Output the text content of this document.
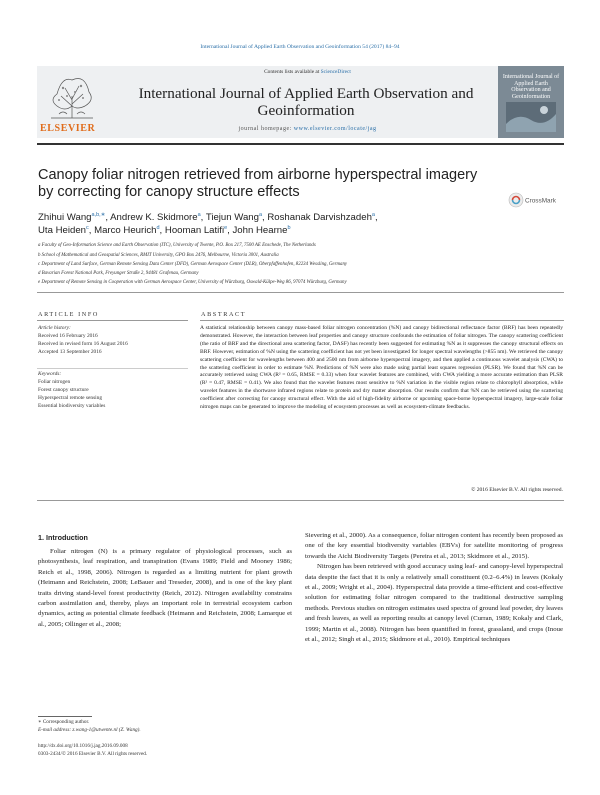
International Journal of Applied Earth Observation and Geoinformation 54 (2017) 84–94
ELSEVIER
Contents lists available at ScienceDirect
International Journal of Applied Earth Observation and
Geoinformation
journal homepage: www.elsevier.com/locate/jag
International Journal of Applied Earth Observation and Geoinformation
Canopy foliar nitrogen retrieved from airborne hyperspectral imagery
by correcting for canopy structure effects
CrossMark
Zhihui Wang$^{a,b,∗}$, Andrew K. Skidmore$^a$, Tiejun Wang$^a$, Roshanak Darvishzadeh$^a$,
Uta Heiden$^c$, Marco Heurich$^d$, Hooman Latifi$^e$, John Hearne$^b$
a Faculty of Geo-Information Science and Earth Observation (ITC), University of Twente, P.O. Box 217, 7500 AE Enschede, The Netherlands
b School of Mathematical and Geospatial Sciences, RMIT University, GPO Box 2476, Melbourne, Victoria 3001, Australia
c Department of Land Surface, German Remote Sensing Data Center (DFD), German Aerospace Center (DLR), Oberpfaffenhofen, 82234 Wessling, Germany
d Bavarian Forest National Park, Freyunger Straße 2, 94481 Grafenau, Germany
e Department of Remote Sensing in Cooperation with German Aerospace Center, University of Würzburg, Oswald-Külpe-Weg 86, 97074 Würzburg, Germany
ARTICLE INFO	ABSTRACT
Article history:
Received 16 February 2016
Received in revised form 16 August 2016
Accepted 13 September 2016
Keywords:
Foliar nitrogen
Forest canopy structure
Hyperspectral remote sensing
Essential biodiversity variables
A statistical relationship between canopy mass-based foliar nitrogen concentration (%N) and canopy bidirectional reflectance factor (BRF) has been repeatedly demonstrated. However, the interaction between leaf properties and canopy structure confounds the estimation of foliar nitrogen. The canopy scattering coefficient (the ratio of BRF and the directional area scattering factor, DASF) has recently been suggested for estimating %N as it suppresses the canopy structural effects on BRF. However, estimation of %N using the scattering coefficient has not yet been investigated for longer spectral wavelengths (>855 nm). We retrieved the canopy scattering coefficient for wavelengths between 400 and 2500 nm from airborne hyperspectral imagery, and then applied a continuous wavelet analysis (CWA) to the scattering coefficient in order to estimate %N. Predictions of %N were also made using partial least squares regression (PLSR). We found that %N can be accurately retrieved using CWA (R² = 0.65, RMSE = 0.33) when four wavelet features are combined, with CWA yielding a more accurate estimation than PLSR (R² = 0.47, RMSE = 0.41). We also found that the wavelet features most sensitive to %N variation in the visible region relate to chlorophyll absorption, while wavelet features in the shortwave infrared regions relate to protein and dry matter absorption. Our results confirm that %N can be retrieved using the scattering coefficient after correcting for canopy structural effect. With the aid of high-fidelity airborne or upcoming space-borne hyperspectral imagery, large-scale foliar nitrogen maps can be generated to improve the modeling of ecosystem processes as well as ecosystem-climate feedbacks.
© 2016 Elsevier B.V. All rights reserved.
1. Introduction
Foliar nitrogen (N) is a primary regulator of physiological processes, such as photosynthesis, leaf respiration, and transpiration (Evans 1989; Field and Mooney 1986; Reich et al., 1998, 2006). Nitrogen is regarded as a limiting nutrient for plant growth (Heimann and Reichstein, 2008; LeBauer and Treseder, 2008), and is one of the key plant traits driving stand-level forest productivity (Reich, 2012). Nitrogen availability constrains carbon assimilation and, thereby, plays an important role in terrestrial ecosystem carbon dynamics, acting as potential climate feedback (Heimann and Reichstein, 2008; Lamarque et al., 2005; Ollinger et al., 2008;

Sievering et al., 2000). As a consequence, foliar nitrogen content has recently been proposed as one of the key essential biodiversity variables (EBVs) for satellite monitoring of progress towards the Aichi Biodiversity Targets (Pereira et al., 2013; Skidmore et al., 2015).

Nitrogen has been retrieved with good accuracy using leaf- and canopy-level hyperspectral data despite the fact that it is only a relatively small constituent (0.2–6.4%) in leaves (Kokaly et al., 2009; Wright et al., 2004). Hyperspectral data provide a time-efficient and cost-effective solution for estimating foliar nitrogen compared to the traditional destructive sampling methods. Previous studies on nitrogen estimates used spectra of ground leaf powder, dry leaves and fresh leaves, as well as reporting results at canopy level (Curran, 1989; Kokaly and Clark, 1999; Martin et al., 2008). Nitrogen has been quantified in forest, grassland, and crops (Inoue et al., 2012; Singh et al., 2015; Skidmore et al., 2010). Empirical techniques

∗ Corresponding author.
E-mail address: z.wang-1@utwente.nl (Z. Wang).
http://dx.doi.org/10.1016/j.jag.2016.09.008
0303-2434/© 2016 Elsevier B.V. All rights reserved.
